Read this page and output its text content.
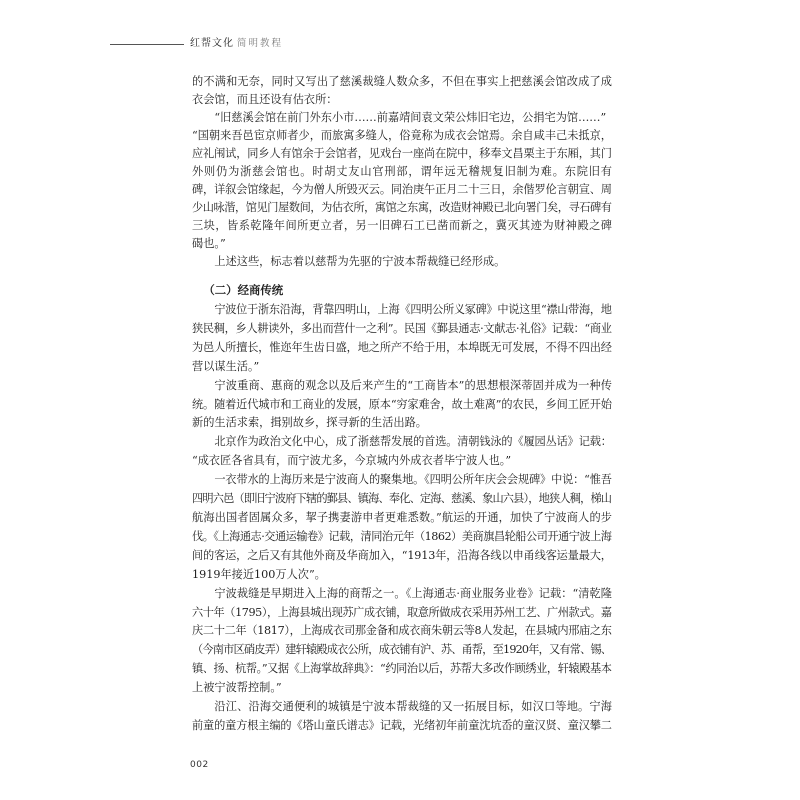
红帮文化 简明教程
的不满和无奈，同时又写出了慈溪裁缝人数众多，不但在事实上把慈溪会馆改成了成
衣会馆，而且还设有估衣所：
“旧慈溪会馆在前门外东小市……前嘉靖间袁文荣公炜旧宅边，公捐宅为馆……”
“国朝来吾邑宦京师者少，而旅寓多缝人，俗竟称为成衣会馆焉。余自咸丰己未抵京，
应礼闱试，同乡人有馆余于会馆者，见戏台一座尚在院中，移奉文昌栗主于东厢，其门
外则仍为浙慈会馆也。时胡丈友山官刑部，谓年远无稽规复旧制为难。东院旧有
碑，详叙会馆缘起，今为僧人所毁灭云。同治庚午正月二十三日，余偕罗伦言朝宣、周
少山咏湝，馆见门屋数间，为估衣所，寓馆之东寓，改造财神殿已北向署门矣，寻石碑有
三块，皆系乾隆年间所更立者，另一旧碑石工已凿而新之，冀灭其迹为财神殿之碑
碣也。”
上述这些，标志着以慈帮为先驱的宁波本帮裁缝已经形成。
（二）经商传统
宁波位于浙东沿海，背靠四明山，上海《四明公所义冢碑》中说这里“襟山带海，地
狭民稠，乡人耕读外，多出而营什一之利”。民国《鄞县通志·文献志·礼俗》记载：“商业
为邑人所擅长，惟迩年生齿日盛，地之所产不给于用，本埠既无可发展，不得不四出经
营以谋生活。”
宁波重商、惠商的观念以及后来产生的“工商皆本”的思想根深蒂固并成为一种传
统。随着近代城市和工商业的发展，原本“穷家难舍，故土难离”的农民，乡间工匠开始
新的生活求索，揖别故乡，探寻新的生活出路。
北京作为政治文化中心，成了浙慈帮发展的首选。清朝钱泳的《履园丛话》记载：
“成衣匠各省具有，而宁波尤多，今京城内外成衣者毕宁波人也。”
一衣带水的上海历来是宁波商人的聚集地。《四明公所年庆会会规碑》中说：“惟吾
四明六邑（即旧宁波府下辖的鄞县、镇海、奉化、定海、慈溪、象山六县），地狭人稠，梯山
航海出国者固属众多，挈子携妻游申者更难悉数。”航运的开通，加快了宁波商人的步
伐。《上海通志·交通运输卷》记载，清同治元年（1862）美商旗昌轮船公司开通宁波上海
间的客运，之后又有其他外商及华商加入，“1913年，沿海各线以申甬线客运量最大，
1919年接近100万人次”。
宁波裁缝是早期进入上海的商帮之一。《上海通志·商业服务业卷》记载：“清乾隆
六十年（1795），上海县城出现苏广成衣铺，取意所做成衣采用苏州工艺、广州款式。嘉
庆二十二年（1817），上海成衣司那金备和成衣商朱朝云等8人发起，在县城内邢庙之东
（今南市区硝皮弄）建轩辕殿成衣公所，成衣铺有沪、苏、甬帮，至1920年，又有常、锡、
镇、扬、杭帮。”又据《上海掌故辞典》：“约同治以后，苏帮大多改作顾绣业，轩辕殿基本
上被宁波帮控制。”
沿江、沿海交通便利的城镇是宁波本帮裁缝的又一拓展目标，如汉口等地。宁海
前童的童方根主编的《塔山童氏谱志》记载，光绪初年前童沈坑岙的童汉贤、童汉攀二
002
